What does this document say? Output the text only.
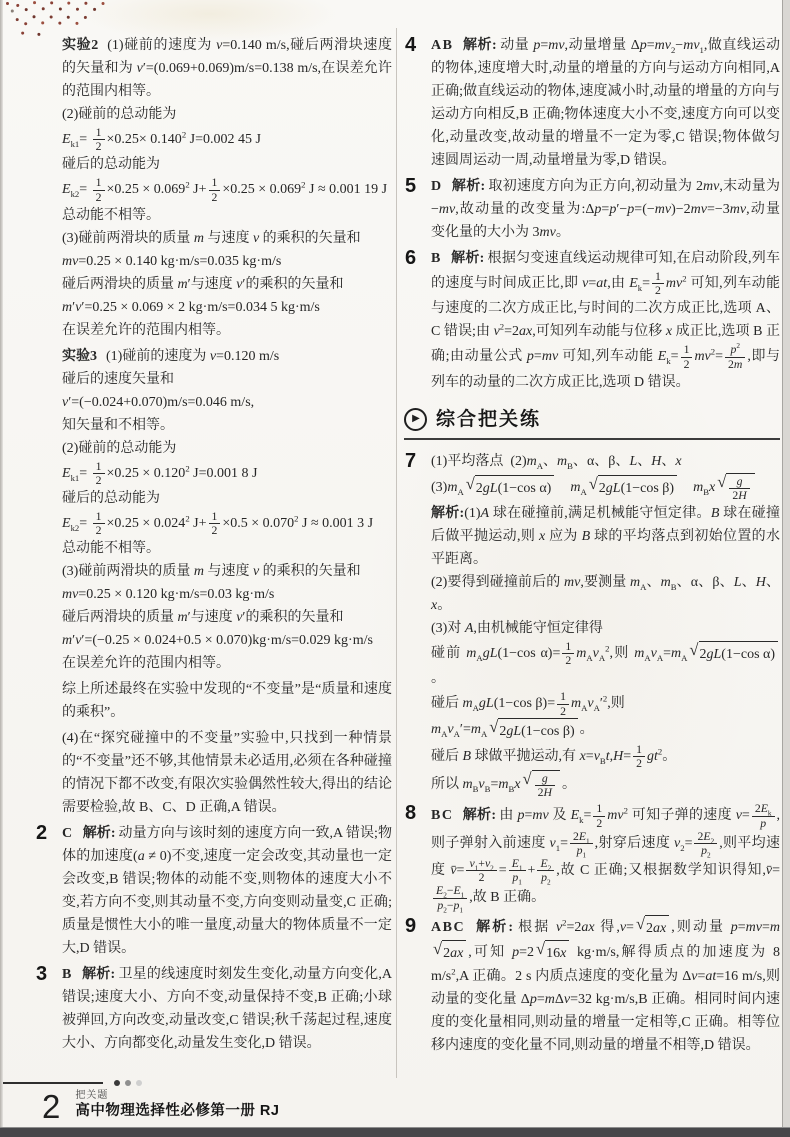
实验2 (1)碰前的速度为 v=0.140 m/s,碰后两滑块速度的矢量和为 v′=(0.069+0.069)m/s=0.138 m/s,在误差允许的范围内相等。
(2)碰前的总动能为
$E_{k1}= \frac{1}{2} \times 0.25\times 0.140^2$ J=0.002 45 J
碰后的总动能为
$E_{k2}= \frac{1}{2} \times 0.25 \times 0.069^2$ $J+ \frac{1}{2} \times 0.25 \times 0.069^2$ J ≈ 0.001 19 J
总动能不相等。
(3)碰前两滑块的质量 m 与速度 v 的乘积的矢量和
mv=0.25 × 0.140 kg·m/s=0.035 kg·m/s
碰后两滑块的质量 m′与速度 v′的乘积的矢量和
m′v′=0.25 × 0.069 × 2 kg·m/s=0.034 5 kg·m/s
在误差允许的范围内相等。
实验3 (1)碰前的速度为 v=0.120 m/s
碰后的速度矢量和
v′=(−0.024+0.070)m/s=0.046 m/s,
知矢量和不相等。
(2)碰前的总动能为
$E_{k1}= \frac{1}{2} \times 0.25 \times 0.120^2$ J=0.001 8 J
碰后的总动能为
$E_{k2}= \frac{1}{2} \times 0.25 \times 0.024^2$ $J+ \frac{1}{2} \times 0.5 \times 0.070^2$ J ≈ 0.001 3 J
总动能不相等。
(3)碰前两滑块的质量 m 与速度 v 的乘积的矢量和
mv=0.25 × 0.120 kg·m/s=0.03 kg·m/s
碰后两滑块的质量 m′与速度 v′的乘积的矢量和
m′v′=(−0.25 × 0.024+0.5 × 0.070)kg·m/s=0.029 kg·m/s
在误差允许的范围内相等。
综上所述最终在实验中发现的“不变量”是“质量和速度的乘积”。
(4)在“探究碰撞中的不变量”实验中,只找到一种情景的“不变量”还不够,其他情景未必适用,必须在各种碰撞的情况下都不改变,有限次实验偶然性较大,得出的结论需要检验,故 B、C、D 正确,A 错误。
2 C 解析: 动量方向与该时刻的速度方向一致,A 错误;物体的加速度(a ≠ 0)不变,速度一定会改变,其动量也一定会改变,B 错误;物体的动能不变,则物体的速度大小不变,若方向不变,则其动量不变,方向变则动量变,C 正确;质量是惯性大小的唯一量度,动量大的物体质量不一定大,D 错误。
3 B 解析: 卫星的线速度时刻发生变化,动量方向变化,A 错误;速度大小、方向不变,动量保持不变,B 正确;小球被弹回,方向改变,动量改变,C 错误;秋千荡起过程,速度大小、方向都变化,动量发生变化,D 错误。
4 AB 解析: 动量 p=mv,动量增量 $\Delta p=mv_2-mv_1$,做直线运动的物体,速度增大时,动量的增量的方向与运动方向相同,A 正确;做直线运动的物体,速度减小时,动量的增量的方向与运动方向相反,B 正确;物体速度大小不变,速度方向可以变化,动量改变,故动量的增量不一定为零,C 错误;物体做匀速圆周运动一周,动量增量为零,D 错误。
5 D 解析: 取初速度方向为正方向,初动量为 2mv,末动量为 −mv,故动量的改变量为:Δp=p′−p=(−mv)−2mv=−3mv,动量变化量的大小为 3mv。
6 B 解析: 根据匀变速直线运动规律可知,在启动阶段,列车的速度与时间成正比,即 v=at,由 $E_k= \frac{1}{2} mv^2$ 可知,列车动能与速度的二次方成正比,与时间的二次方成正比,选项 A、C 错误;由 $v^2=2ax$,可知列车动能与位移 x 成正比,选项 B 正确;由动量公式 p=mv 可知,列车动能 $E_k= \frac{1}{2} mv^2= \frac{p^2}{2m}$ ,即与列车的动量的二次方成正比,选项 D 错误。
▶ 综合把关练
7 (1)平均落点 $(2)m_A$、$m_B$、α、β、L、H、x
$(3)m_A$ √ 2gL(1−cos α)
  $m_A$ √ 2gL(1−cos β)
  $m_Bx$ √ $\frac{g}{2H}$

解析:(1)A 球在碰撞前,满足机械能守恒定律。B 球在碰撞后做平抛运动,则 x 应为 B 球的平均落点到初始位置的水平距离。
(2)要得到碰撞前后的 mv,要测量 $m_A$、$m_B$、α、β、L、H、x。
(3)对 A,由机械能守恒定律得
碰前 $m_AgL(1-\cos$ $\alpha)= \frac{1}{2} m_Av_A^2$,则 $m_Av_A=m_A$ √ 2gL(1−cos α)
。
碰后 $m_AgL(1-\cos$ $\beta)= \frac{1}{2} m_Av_A'^2$,则
$m_Av_A'=m_A$ √ 2gL(1−cos β) 。
碰后 B 球做平抛运动,有 $x=v_Bt,H= \frac{1}{2} gt^2$。
所以 $m_Bv_B=m_Bx$ √ $\frac{g}{2H}$ 。
8 BC 解析: 由 p=mv 及 $E_k= \frac{1}{2} mv^2$ 可知子弹的速度 $v= \frac{2E_k}{p}$ ,则子弹射入前速度 $v_1= \frac{2E_1}{p_1}$ ,射穿后速度 $v_2= \frac{2E_2}{p_2}$ ,则平均速度 v̄= $\frac{v_1+v_2}{2} = \frac{E_1}{p_1} + \frac{E_2}{p_2}$ ,故 C 正确;又根据数学知识得知,v̄=
$\frac{E_2-E_1}{p_2-p_1}$ ,故 B 正确。
9 ABC 解析: 根据 $v^2=2ax$ 得,v= √ 2ax ,则动量 p=mv=m
√ 2ax ,可知 p=2 √ 16x kg·m/s,解得质点的加速度为 8 $m/s^2,A$ 正确。2 s 内质点速度的变化量为 Δv=at=16 m/s,则动量的变化量 Δp=mΔv=32 kg·m/s,B 正确。相同时间内速度的变化量相同,则动量的增量一定相等,C 正确。相等位移内速度的变化量不同,则动量的增量不相等,D 错误。
2 把关题
高中物理选择性必修第一册 RJ
